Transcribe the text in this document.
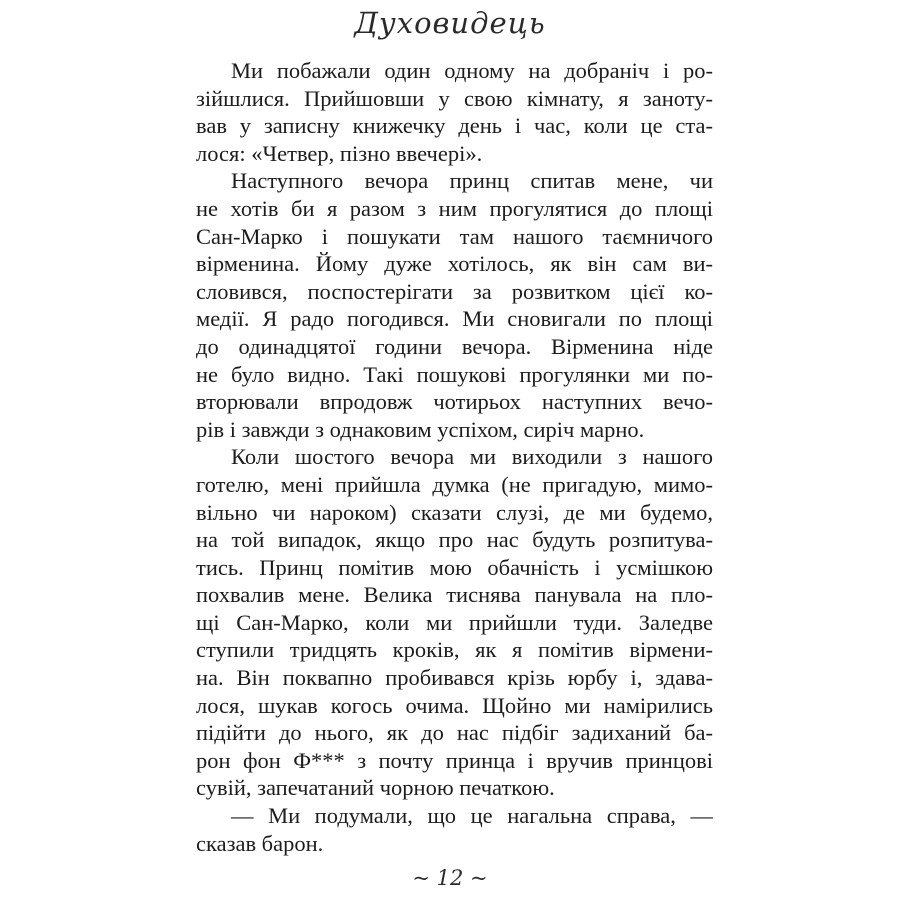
Духовидець
Ми побажали один одному на добраніч і ро-
зійшлися. Прийшовши у свою кімнату, я заноту-
вав у записну книжечку день і час, коли це ста-
лося: «Четвер, пізно ввечері».
Наступного вечора принц спитав мене, чи
не хотів би я разом з ним прогулятися до площі
Сан-Марко і пошукати там нашого таємничого
вірменина. Йому дуже хотілось, як він сам ви-
словився, поспостерігати за розвитком цієї ко-
медії. Я радо погодився. Ми сновигали по площі
до одинадцятої години вечора. Вірменина ніде
не було видно. Такі пошукові прогулянки ми по-
вторювали впродовж чотирьох наступних вечо-
рів і завжди з однаковим успіхом, сиріч марно.
Коли шостого вечора ми виходили з нашого
готелю, мені прийшла думка (не пригадую, мимо-
вільно чи нароком) сказати слузі, де ми будемо,
на той випадок, якщо про нас будуть розпитува-
тись. Принц помітив мою обачність і усмішкою
похвалив мене. Велика тиснява панувала на пло-
щі Сан-Марко, коли ми прийшли туди. Заледве
ступили тридцять кроків, як я помітив вірмени-
на. Він поквапно пробивався крізь юрбу і, здава-
лося, шукав когось очима. Щойно ми намірились
підійти до нього, як до нас підбіг задиханий ба-
рон фон Ф*** з почту принца і вручив принцові
сувій, запечатаний чорною печаткою.
— Ми подумали, що це нагальна справа, —
сказав барон.
~ 12 ~
